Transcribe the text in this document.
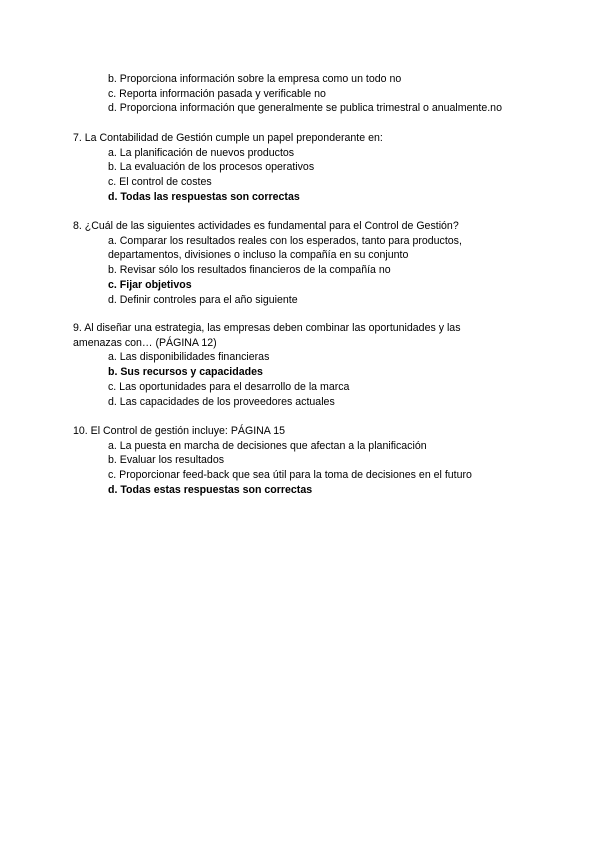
b. Proporciona información sobre la empresa como un todo no
c. Reporta información pasada y verificable no
d. Proporciona información que generalmente se publica trimestral o anualmente.no
7. La Contabilidad de Gestión cumple un papel preponderante en:
a. La planificación de nuevos productos
b. La evaluación de los procesos operativos
c. El control de costes
d. Todas las respuestas son correctas
8. ¿Cuál de las siguientes actividades es fundamental para el Control de Gestión?
a. Comparar los resultados reales con los esperados, tanto para productos,
departamentos, divisiones o incluso la compañía en su conjunto
b. Revisar sólo los resultados financieros de la compañía no
c. Fijar objetivos
d. Definir controles para el año siguiente
9. Al diseñar una estrategia, las empresas deben combinar las oportunidades y las
amenazas con… (PÁGINA 12)
a. Las disponibilidades financieras
b. Sus recursos y capacidades
c. Las oportunidades para el desarrollo de la marca
d. Las capacidades de los proveedores actuales
10. El Control de gestión incluye: PÁGINA 15
a. La puesta en marcha de decisiones que afectan a la planificación
b. Evaluar los resultados
c. Proporcionar feed-back que sea útil para la toma de decisiones en el futuro
d. Todas estas respuestas son correctas
